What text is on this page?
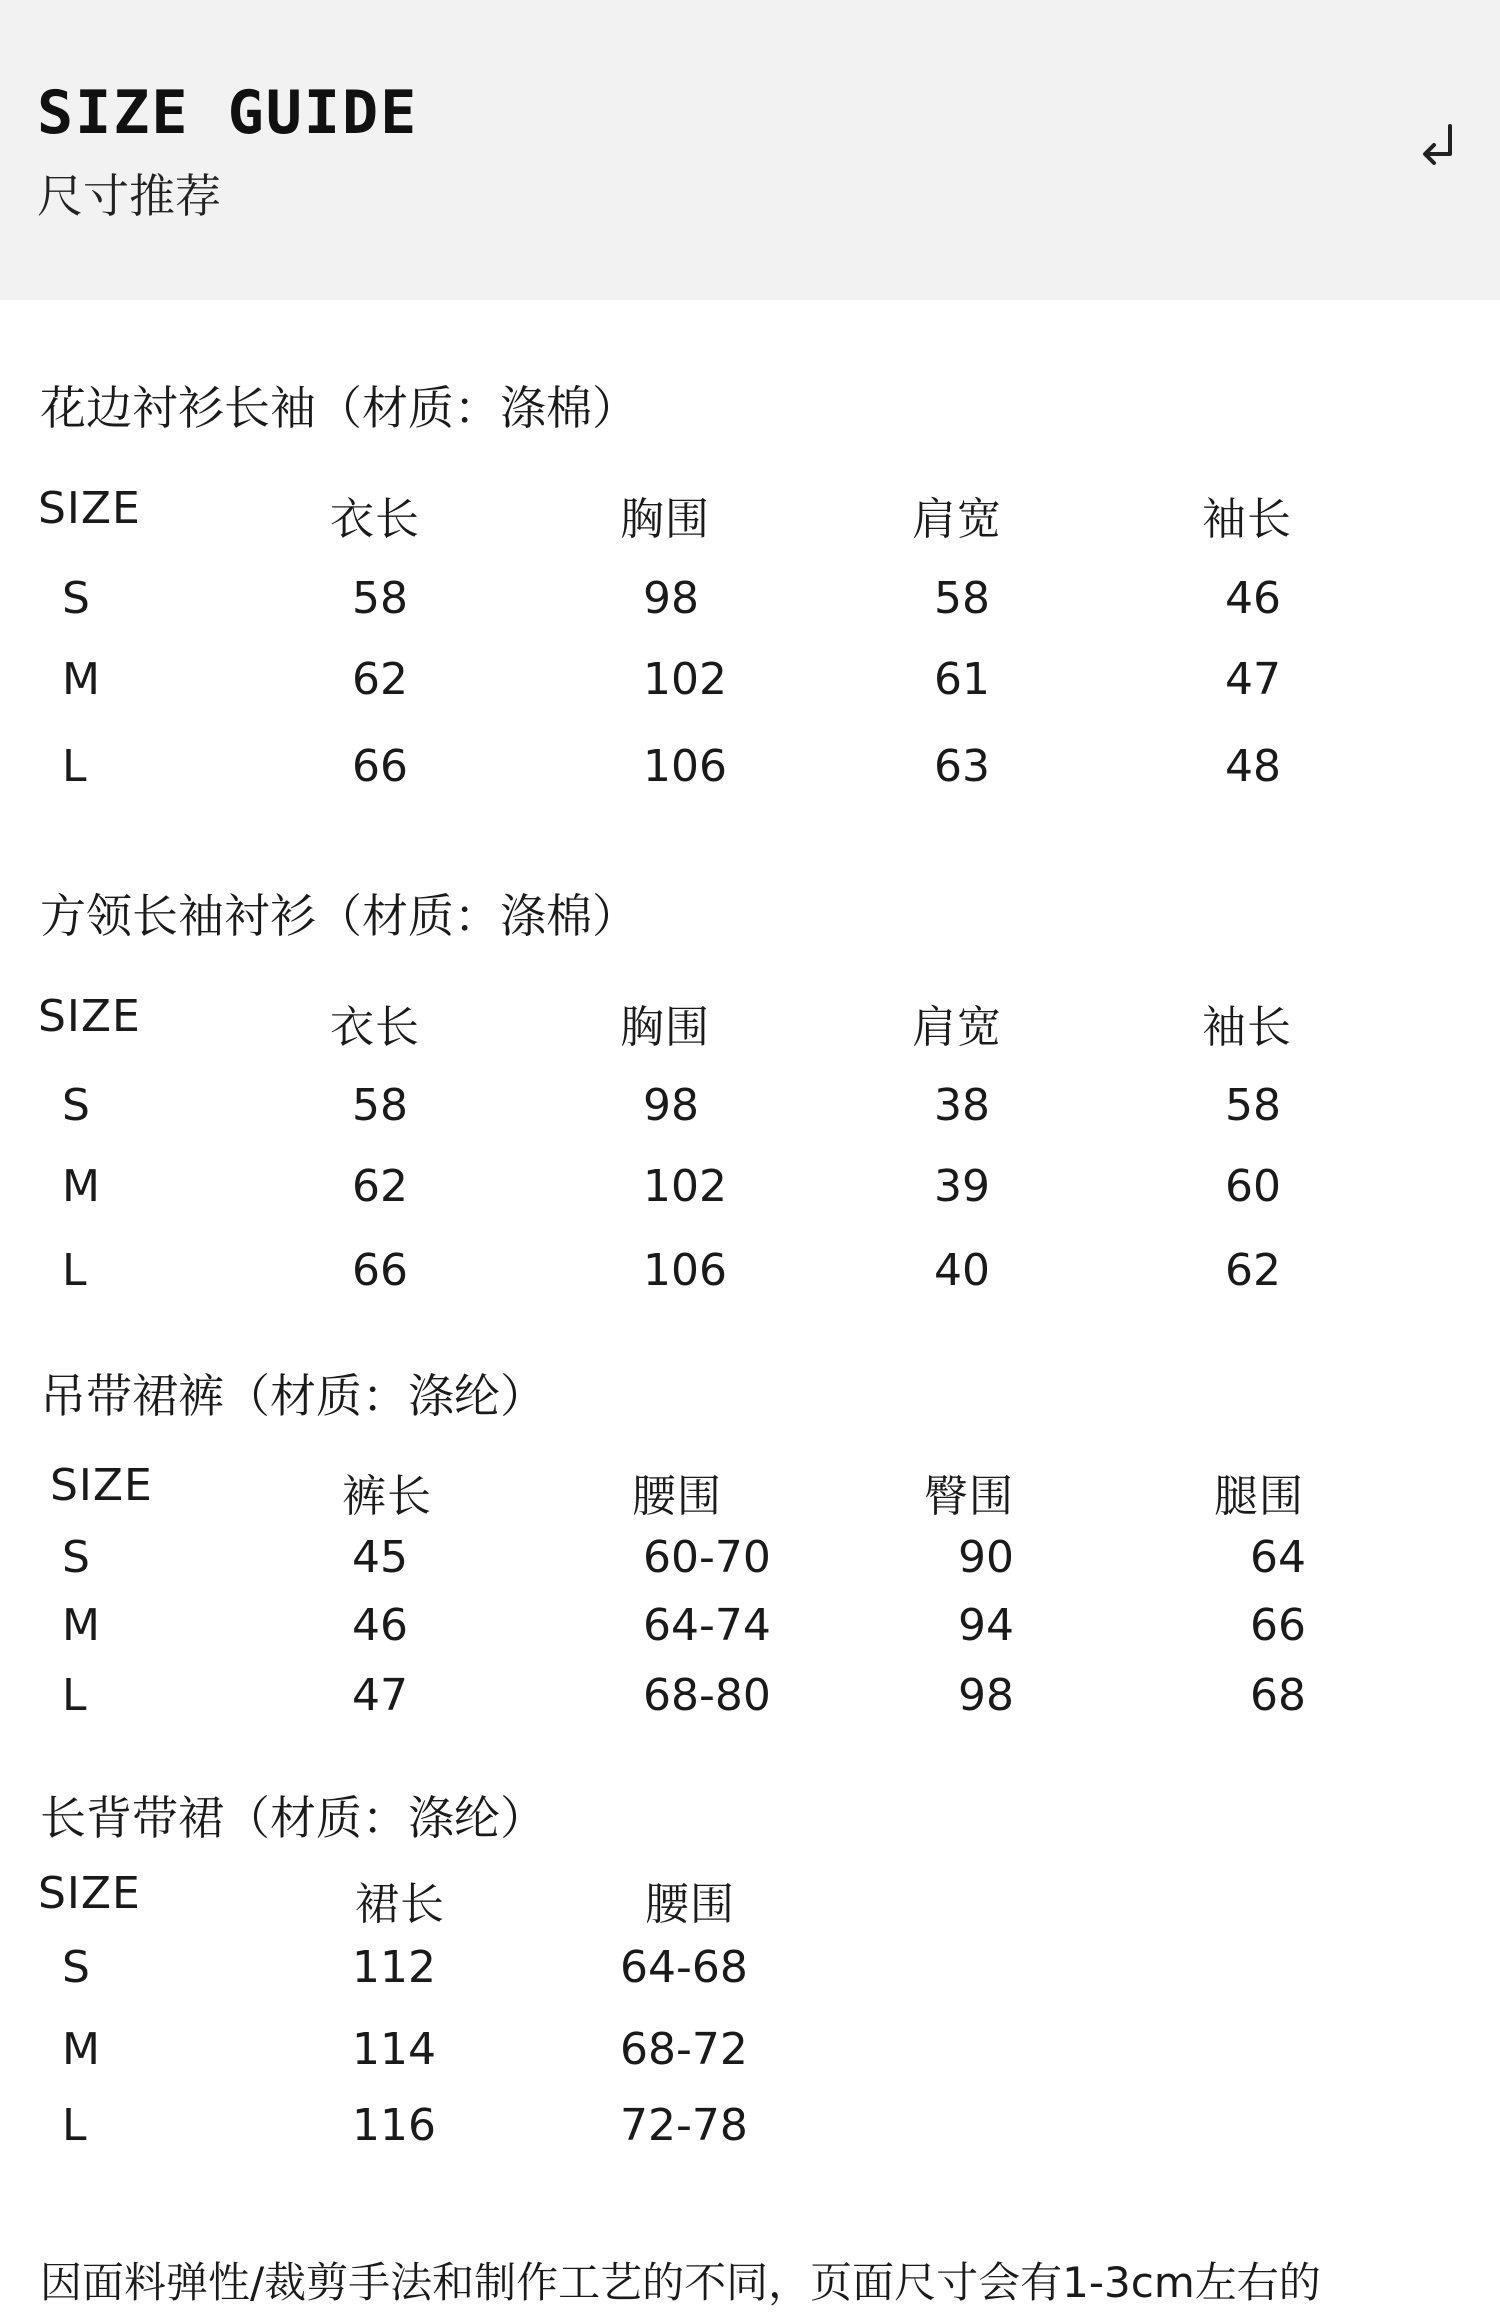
SIZE GUIDE
尺寸推荐
花边衬衫长袖（材质：涤棉）
SIZE	衣长	胸围	肩宽	袖长
S	58	98	58	46
M	62	102	61	47
L	66	106	63	48
方领长袖衬衫（材质：涤棉）
SIZE	衣长	胸围	肩宽	袖长
S	58	98	38	58
M	62	102	39	60
L	66	106	40	62
吊带裙裤（材质：涤纶）
SIZE	裤长	腰围	臀围	腿围
S	45	60-70	90	64
M	46	64-74	94	66
L	47	68-80	98	68
长背带裙（材质：涤纶）
SIZE	裙长	腰围
S	112	64-68
M	114	68-72
L	116	72-78
因面料弹性/裁剪手法和制作工艺的不同，页面尺寸会有1-3cm左右的
